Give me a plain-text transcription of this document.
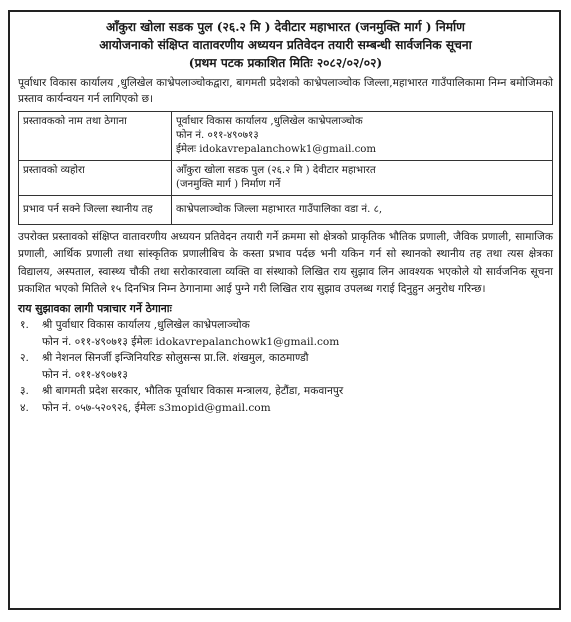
आँकुरा खोला सडक पुल (२६.२ मि ) देवीटार महाभारत (जनमुक्ति मार्ग ) निर्माण
आयोजनाको संक्षिप्त वातावरणीय अध्ययन प्रतिवेदन तयारी सम्बन्धी सार्वजनिक सूचना
(प्रथम पटक प्रकाशित मितिः २०८२/०२/०२)

पूर्वाधार विकास कार्यालय ,धुलिखेल काभ्रेपलाञ्चोकद्वारा, बागमती प्रदेशको काभ्रेपलाञ्चोक जिल्ला,महाभारत गाउँपालिकामा निम्न बमोजिमको प्रस्ताव कार्यन्वयन गर्न लागिएको छ।

प्रस्तावकको नाम तथा ठेगाना	पूर्वाधार विकास कार्यालय ,धुलिखेल काभ्रेपलाञ्चोक
फोन नं. ०११-४९०७१३
ईमेलः idokavrepalanchowk1@gmail.com

प्रस्तावको व्यहोरा	आँकुरा खोला सडक पुल (२६.२ मि ) देवीटार महाभारत
(जनमुक्ति मार्ग ) निर्माण गर्ने

प्रभाव पर्न सक्ने जिल्ला स्थानीय तह	काभ्रेपलाञ्चोक जिल्ला महाभारत गाउँपालिका वडा नं. ८,

उपरोक्त प्रस्तावको संक्षिप्त वातावरणीय अध्ययन प्रतिवेदन तयारी गर्ने क्रममा सो क्षेत्रको प्राकृतिक भौतिक प्रणाली, जैविक प्रणाली, सामाजिक प्रणाली, आर्थिक प्रणाली तथा सांस्कृतिक प्रणालीबिच के कस्ता प्रभाव पर्दछ भनी यकिन गर्न सो स्थानको स्थानीय तह तथा त्यस क्षेत्रका विद्यालय, अस्पताल, स्वास्थ्य चौकी तथा सरोकारवाला व्यक्ति वा संस्थाको लिखित राय सुझाव लिन आवश्यक भएकोले यो सार्वजनिक सूचना प्रकाशित भएको मितिले १५ दिनभित्र निम्न ठेगानामा आई पुग्ने गरी लिखित राय सुझाव उपलब्ध गराई दिनुहुन अनुरोध गरिन्छ।

राय सुझावका लागी पत्राचार गर्ने ठेगानाः

१.	श्री पुर्वाधार विकास कार्यालय ,धुलिखेल काभ्रेपलाञ्चोक
फोन नं. ०११-४९०७१३ ईमेलः idokavrepalanchowk1@gmail.com
२.	श्री नेशनल सिनर्जी इन्जिनियरिङ सोलुसन्स प्रा.लि. शंखमुल, काठमाण्डौ
फोन नं. ०११-४९०७१३
३.	श्री बागमती प्रदेश सरकार, भौतिक पूर्वाधार विकास मन्त्रालय, हेटौंडा, मकवानपुर
४.	फोन नं. ०५७-५२०९२६, ईमेलः s3mopid@gmail.com
